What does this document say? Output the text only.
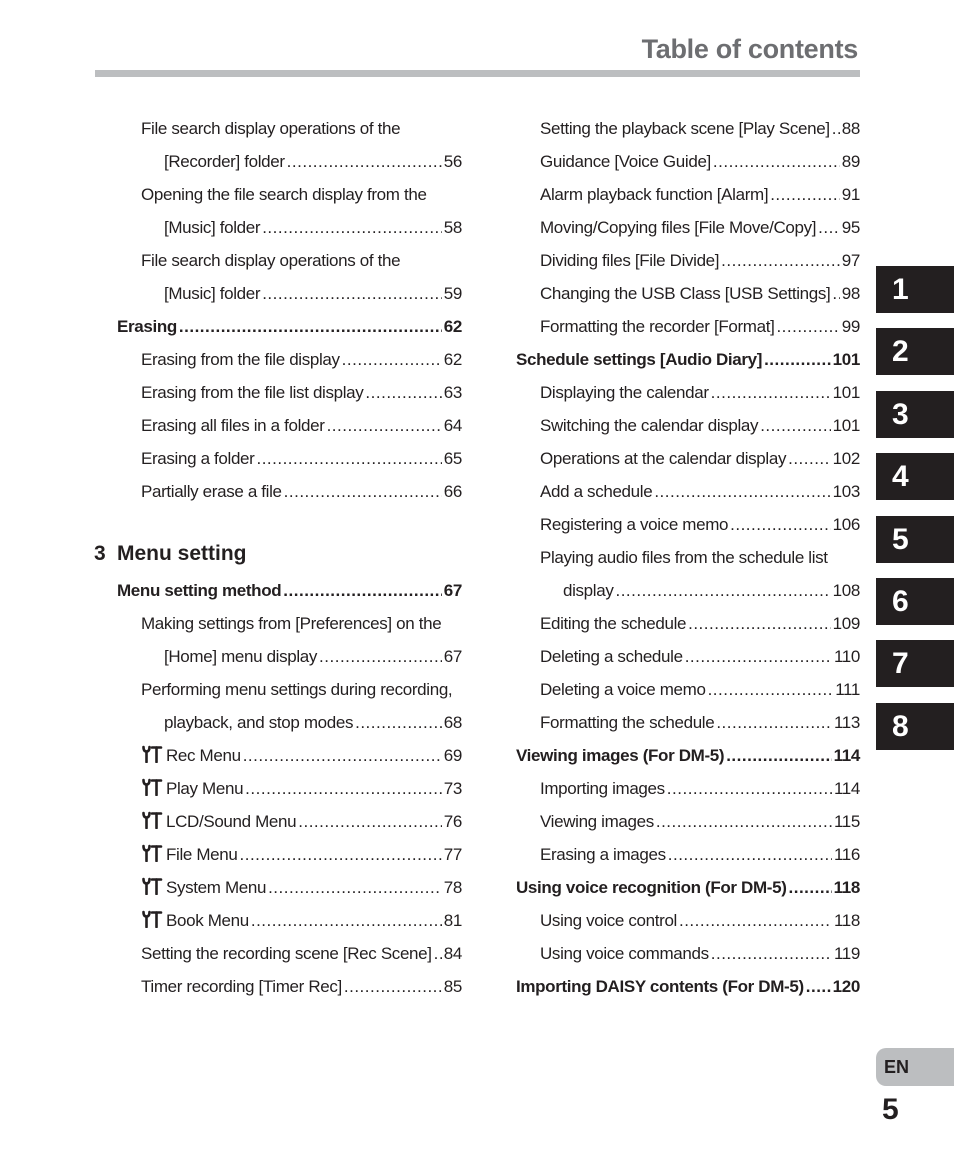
Table of contents
File search display operations of the
[Recorder] folder .....	56
Opening the file search display from the
[Music] folder .....	58
File search display operations of the
[Music] folder .....	59
Erasing .....	62
Erasing from the file display .....	62
Erasing from the file list display .....	63
Erasing all files in a folder .....	64
Erasing a folder .....	65
Partially erase a file .....	66
3 Menu setting
Menu setting method .....	67
Making settings from [Preferences] on the
[Home] menu display .....	67
Performing menu settings during recording,
playback, and stop modes .....	68
Rec Menu .....	69
Play Menu .....	73
LCD/Sound Menu .....	76
File Menu .....	77
System Menu .....	78
Book Menu .....	81
Setting the recording scene [Rec Scene] ..... 84
Timer recording [Timer Rec] .....	85
Setting the playback scene [Play Scene] ..... 88
Guidance [Voice Guide] .....	89
Alarm playback function [Alarm] .....	91
Moving/Copying files [File Move/Copy] ..... 95
Dividing files [File Divide] .....	97
Changing the USB Class [USB Settings] ..... 98
Formatting the recorder [Format] .....	99
Schedule settings [Audio Diary] .....	101
Displaying the calendar .....	101
Switching the calendar display .....	101
Operations at the calendar display .....	102
Add a schedule .....	103
Registering a voice memo .....	106
Playing audio files from the schedule list
display .....	108
Editing the schedule .....	109
Deleting a schedule .....	110
Deleting a voice memo .....	111
Formatting the schedule .....	113
Viewing images (For DM-5) .....	114
Importing images .....	114
Viewing images .....	115
Erasing a images .....	116
Using voice recognition (For DM-5) .....	118
Using voice control .....	118
Using voice commands .....	119
Importing DAISY contents (For DM-5) ..... 120
1
2
3
4
5
6
7
8
EN
5
